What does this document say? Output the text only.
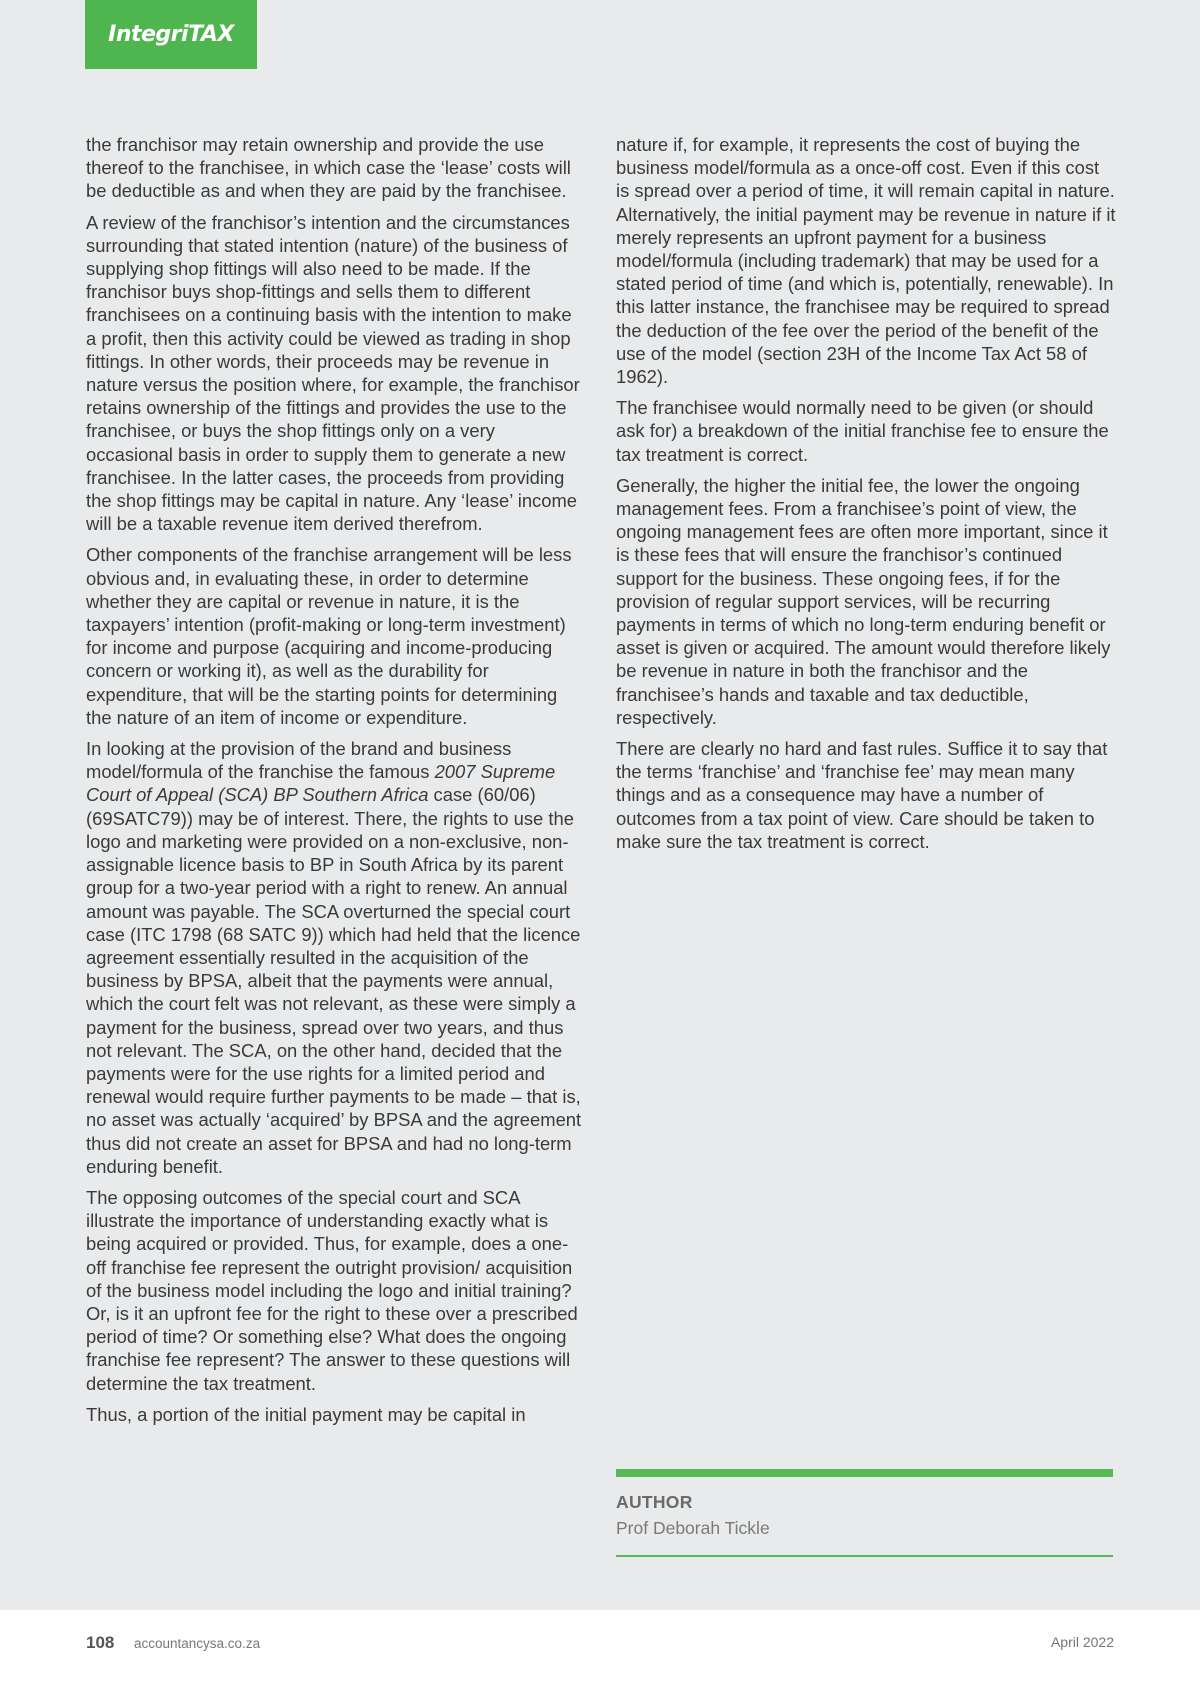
IntegriTAX

the franchisor may retain ownership and provide the use thereof to the franchisee, in which case the ‘lease’ costs will be deductible as and when they are paid by the franchisee.

A review of the franchisor’s intention and the circumstances surrounding that stated intention (nature) of the business of supplying shop fittings will also need to be made. If the franchisor buys shop-fittings and sells them to different franchisees on a continuing basis with the intention to make a profit, then this activity could be viewed as trading in shop fittings. In other words, their proceeds may be revenue in nature versus the position where, for example, the franchisor retains ownership of the fittings and provides the use to the franchisee, or buys the shop fittings only on a very occasional basis in order to supply them to generate a new franchisee. In the latter cases, the proceeds from providing the shop fittings may be capital in nature. Any ‘lease’ income will be a taxable revenue item derived therefrom.

Other components of the franchise arrangement will be less obvious and, in evaluating these, in order to determine whether they are capital or revenue in nature, it is the taxpayers’ intention (profit-making or long-term investment) for income and purpose (acquiring and income-producing concern or working it), as well as the durability for expenditure, that will be the starting points for determining the nature of an item of income or expenditure.

In looking at the provision of the brand and business model/formula of the franchise the famous 2007 Supreme Court of Appeal (SCA) BP Southern Africa case (60/06) (69SATC79)) may be of interest. There, the rights to use the logo and marketing were provided on a non-exclusive, non-assignable licence basis to BP in South Africa by its parent group for a two-year period with a right to renew. An annual amount was payable. The SCA overturned the special court case (ITC 1798 (68 SATC 9)) which had held that the licence agreement essentially resulted in the acquisition of the business by BPSA, albeit that the payments were annual, which the court felt was not relevant, as these were simply a payment for the business, spread over two years, and thus not relevant. The SCA, on the other hand, decided that the payments were for the use rights for a limited period and renewal would require further payments to be made – that is, no asset was actually ‘acquired’ by BPSA and the agreement thus did not create an asset for BPSA and had no long-term enduring benefit.

The opposing outcomes of the special court and SCA illustrate the importance of understanding exactly what is being acquired or provided. Thus, for example, does a one-off franchise fee represent the outright provision/ acquisition of the business model including the logo and initial training? Or, is it an upfront fee for the right to these over a prescribed period of time? Or something else? What does the ongoing franchise fee represent? The answer to these questions will determine the tax treatment.

Thus, a portion of the initial payment may be capital in

nature if, for example, it represents the cost of buying the business model/formula as a once-off cost. Even if this cost is spread over a period of time, it will remain capital in nature. Alternatively, the initial payment may be revenue in nature if it merely represents an upfront payment for a business model/formula (including trademark) that may be used for a stated period of time (and which is, potentially, renewable). In this latter instance, the franchisee may be required to spread the deduction of the fee over the period of the benefit of the use of the model (section 23H of the Income Tax Act 58 of 1962).

The franchisee would normally need to be given (or should ask for) a breakdown of the initial franchise fee to ensure the tax treatment is correct.

Generally, the higher the initial fee, the lower the ongoing management fees. From a franchisee’s point of view, the ongoing management fees are often more important, since it is these fees that will ensure the franchisor’s continued support for the business. These ongoing fees, if for the provision of regular support services, will be recurring payments in terms of which no long-term enduring benefit or asset is given or acquired. The amount would therefore likely be revenue in nature in both the franchisor and the franchisee’s hands and taxable and tax deductible, respectively.

There are clearly no hard and fast rules. Suffice it to say that the terms ‘franchise’ and ‘franchise fee’ may mean many things and as a consequence may have a number of outcomes from a tax point of view. Care should be taken to make sure the tax treatment is correct.

AUTHOR
Prof Deborah Tickle
108 accountancysa.co.za	April 2022
